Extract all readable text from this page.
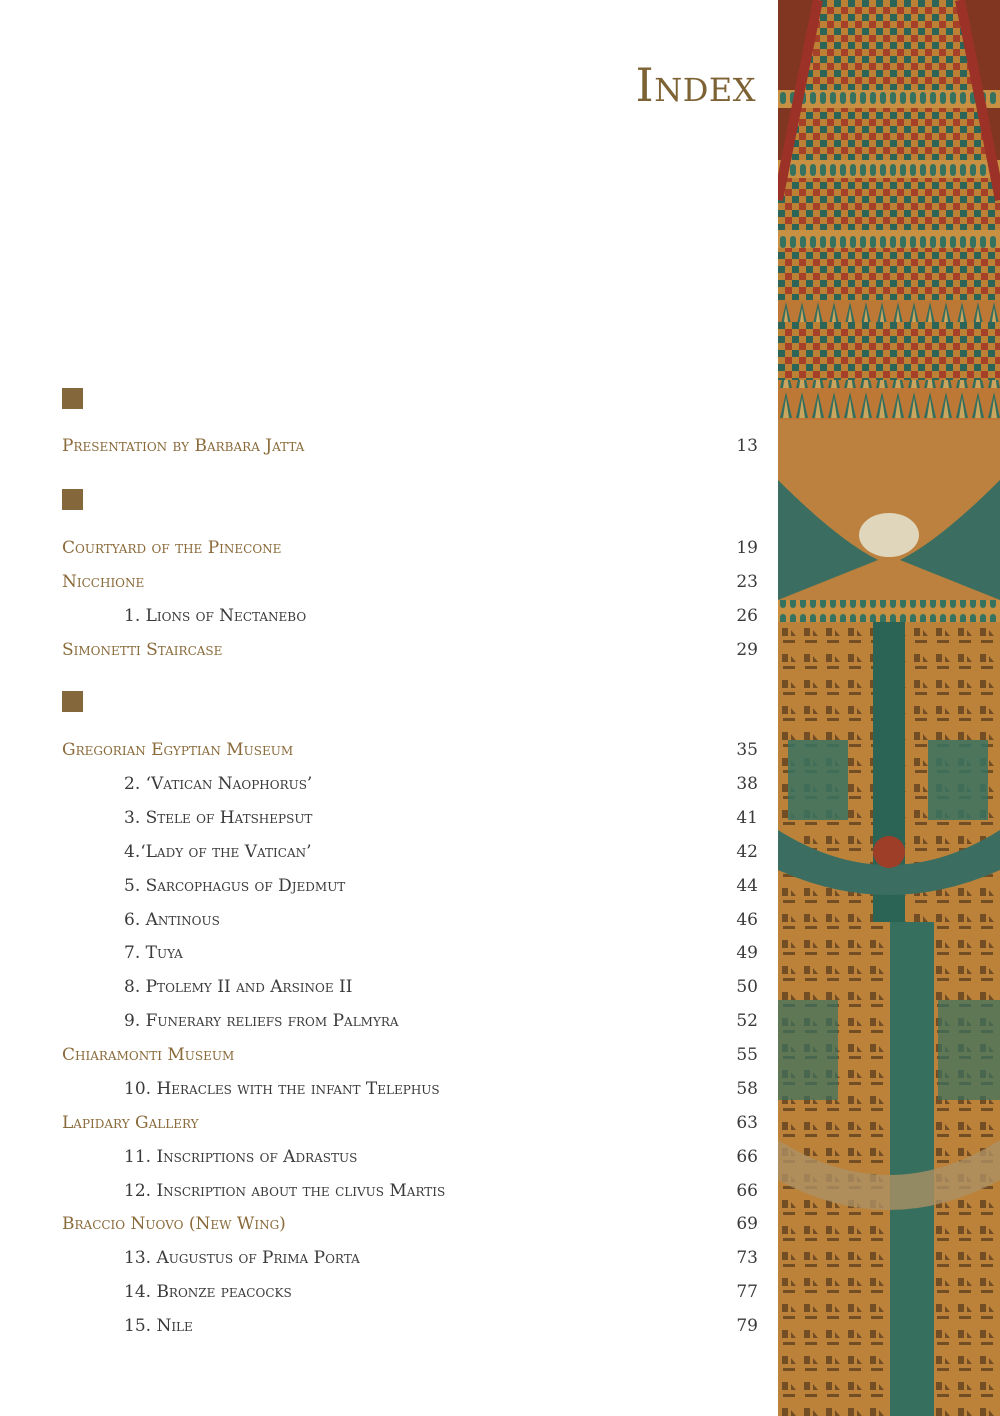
Index
Presentation by Barbara Jatta	13
Courtyard of the Pinecone	19
Nicchione	23
1. Lions of Nectanebo	26
Simonetti Staircase	29
Gregorian Egyptian Museum	35
2. ‘Vatican Naophorus’	38
3. Stele of Hatshepsut	41
4.‘Lady of the Vatican’	42
5. Sarcophagus of Djedmut	44
6. Antinous	46
7. Tuya	49
8. Ptolemy II and Arsinoe II	50
9. Funerary reliefs from Palmyra	52
Chiaramonti Museum	55
10. Heracles with the infant Telephus	58
Lapidary Gallery	63
11. Inscriptions of Adrastus	66
12. Inscription about the clivus Martis	66
Braccio Nuovo (New Wing)	69
13. Augustus of Prima Porta	73
14. Bronze peacocks	77
15. Nile	79
